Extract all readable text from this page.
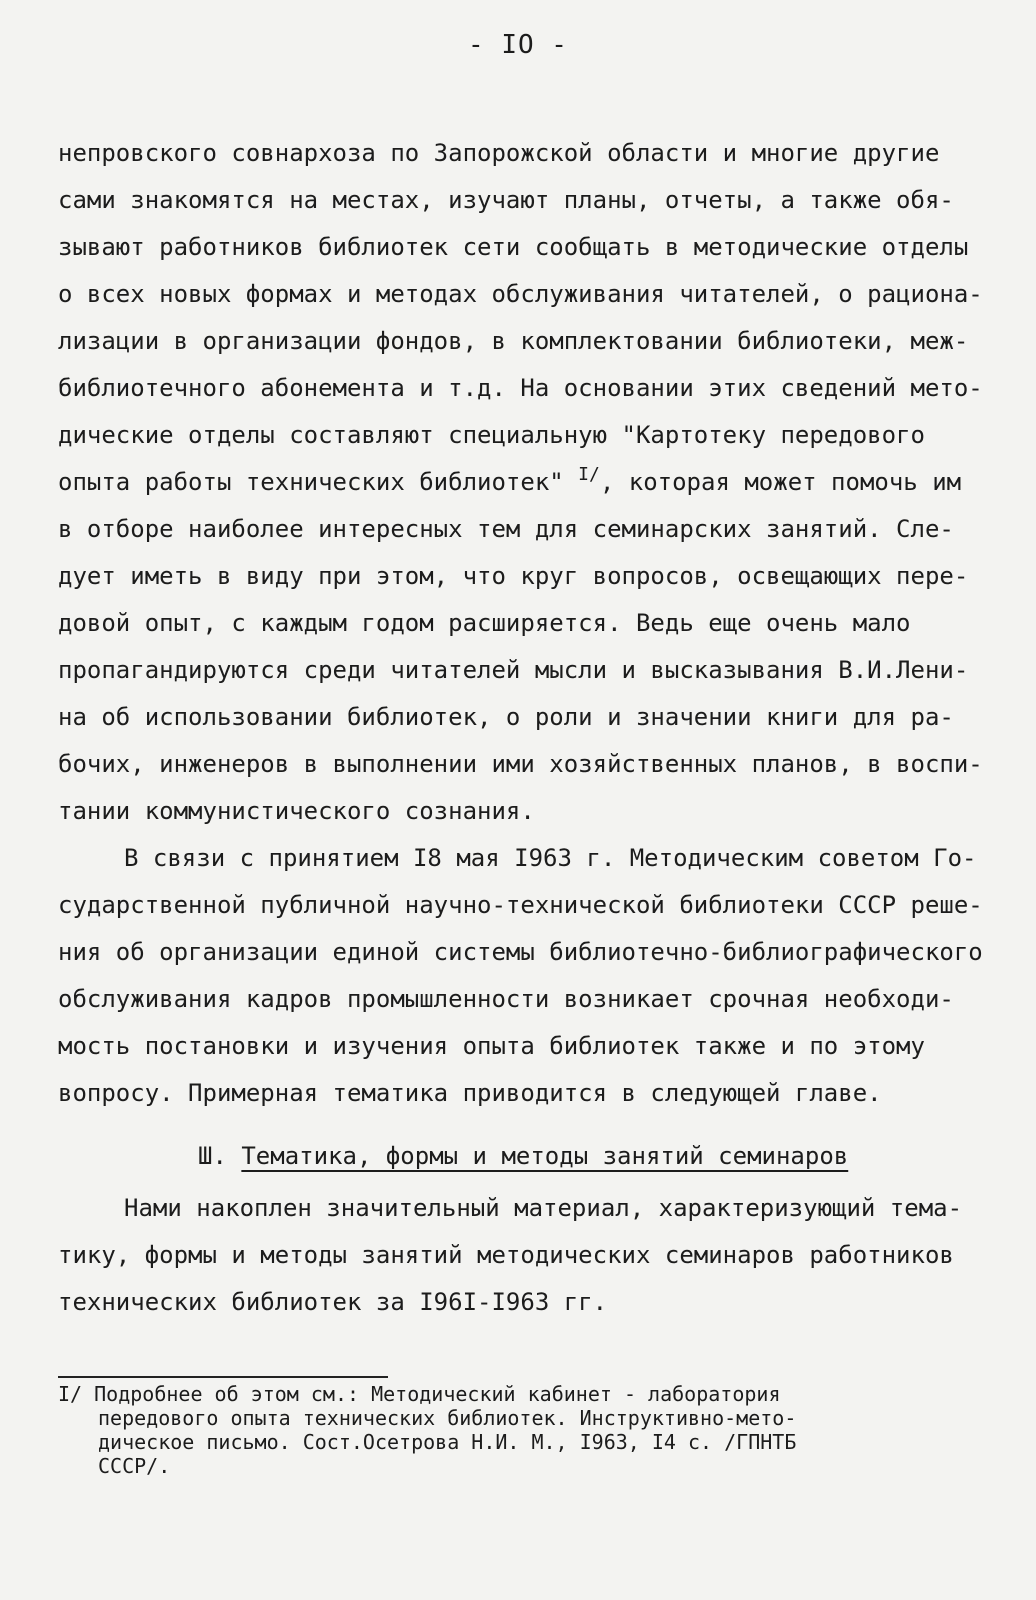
- IO -
непровского совнархоза по Запорожской области и многие другие
сами знакомятся на местах, изучают планы, отчеты, а также обя-
зывают работников библиотек сети сообщать в методические отделы
о всех новых формах и методах обслуживания читателей, о рациона-
лизации в организации фондов, в комплектовании библиотеки, меж-
библиотечного абонемента и т.д. На основании этих сведений мето-
дические отделы составляют специальную "Картотеку передового
опыта работы технических библиотек" $^{I/}$, которая может помочь им
в отборе наиболее интересных тем для семинарских занятий. Сле-
дует иметь в виду при этом, что круг вопросов, освещающих пере-
довой опыт, с каждым годом расширяется. Ведь еще очень мало
пропагандируются среди читателей мысли и высказывания В.И.Лени-
на об использовании библиотек, о роли и значении книги для ра-
бочих, инженеров в выполнении ими хозяйственных планов, в воспи-
тании коммунистического сознания.
В связи с принятием I8 мая I963 г. Методическим советом Го-
сударственной публичной научно-технической библиотеки СССР реше-
ния об организации единой системы библиотечно-библиографического
обслуживания кадров промышленности возникает срочная необходи-
мость постановки и изучения опыта библиотек также и по этому
вопросу. Примерная тематика приводится в следующей главе.
Ш. Тематика, формы и методы занятий семинаров
Нами накоплен значительный материал, характеризующий тема-
тику, формы и методы занятий методических семинаров работников
технических библиотек за I96I-I963 гг.
I/ Подробнее об этом см.: Методический кабинет - лаборатория
передового опыта технических библиотек. Инструктивно-мето-
дическое письмо. Сост.Осетрова Н.И. М., I963, I4 с. /ГПНТБ
СССР/.
